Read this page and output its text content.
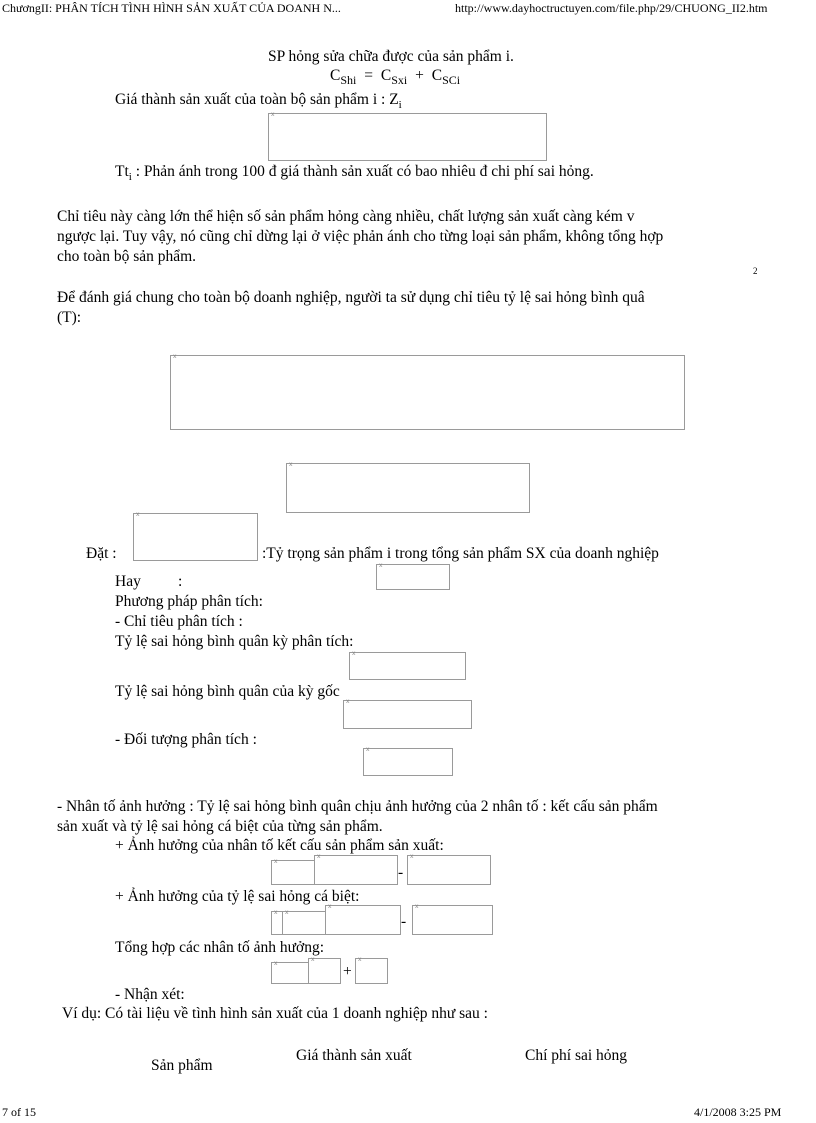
ChươngII: PHÂN TÍCH TÌNH HÌNH SẢN XUẤT CỦA DOANH N...	http://www.dayhoctructuyen.com/file.php/29/CHUONG_II2.htm
SP hỏng sửa chữa được của sản phẩm i.
$C_{Shi} = C_{Sxi} + C_{SCi}$
Giá thành sản xuất của toàn bộ sản phẩm i : $Z_i$
x
$Tt_i$ : Phản ánh trong 100 đ giá thành sản xuất có bao nhiêu đ chi phí sai hỏng.
Chỉ tiêu này càng lớn thể hiện số sản phẩm hỏng càng nhiều, chất lượng sản xuất càng kém v
ngược lại. Tuy vậy, nó cũng chỉ dừng lại ở việc phản ánh cho từng loại sản phẩm, không tổng hợp
cho toàn bộ sản phẩm.
2
Để đánh giá chung cho toàn bộ doanh nghiệp, người ta sử dụng chỉ tiêu tỷ lệ sai hỏng bình quâ
(T):
x
x
Đặt :
x	:Tỷ trọng sản phẩm i trong tổng sản phẩm SX của doanh nghiệp
Hay :
x
Phương pháp phân tích:
- Chỉ tiêu phân tích :
Tỷ lệ sai hỏng bình quân kỳ phân tích:
x
Tỷ lệ sai hỏng bình quân của kỳ gốc
x
- Đối tượng phân tích :
x
- Nhân tố ảnh hưởng : Tỷ lệ sai hỏng bình quân chịu ảnh hưởng của 2 nhân tố : kết cấu sản phẩm
sản xuất và tỷ lệ sai hỏng cá biệt của từng sản phẩm.
+ Ảnh hưởng của nhân tố kết cấu sản phẩm sản xuất:
x
x
-
x
+ Ảnh hưởng của tỷ lệ sai hỏng cá biệt:
x
x
x
-
x
Tổng hợp các nhân tố ảnh hưởng:
x
x
+
x
- Nhận xét:
Ví dụ: Có tài liệu về tình hình sản xuất của 1 doanh nghiệp như sau :
Sản phẩm
Giá thành sản xuất	Chí phí sai hỏng
7 of 15	4/1/2008 3:25 PM
